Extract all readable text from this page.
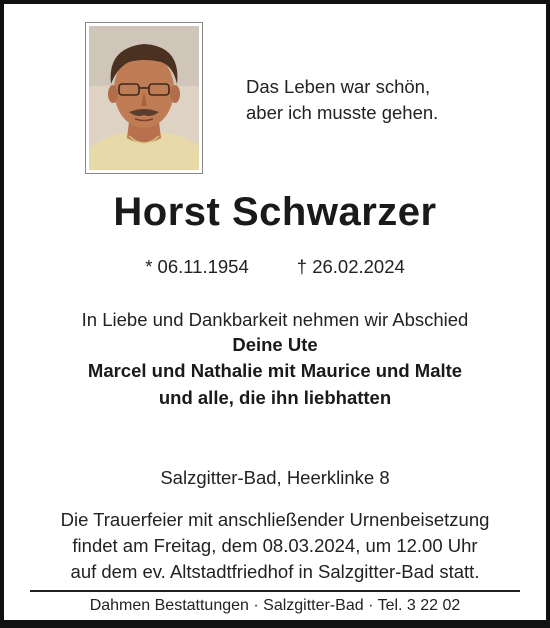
Das Leben war schön,
aber ich musste gehen.
Horst Schwarzer
* 06.11.1954	† 26.02.2024
In Liebe und Dankbarkeit nehmen wir Abschied
Deine Ute
Marcel und Nathalie mit Maurice und Malte
und alle, die ihn liebhatten
Salzgitter-Bad, Heerklinke 8
Die Trauerfeier mit anschließender Urnenbeisetzung
findet am Freitag, dem 08.03.2024, um 12.00 Uhr
auf dem ev. Altstadtfriedhof in Salzgitter-Bad statt.
Dahmen Bestattungen · Salzgitter-Bad · Tel. 3 22 02
